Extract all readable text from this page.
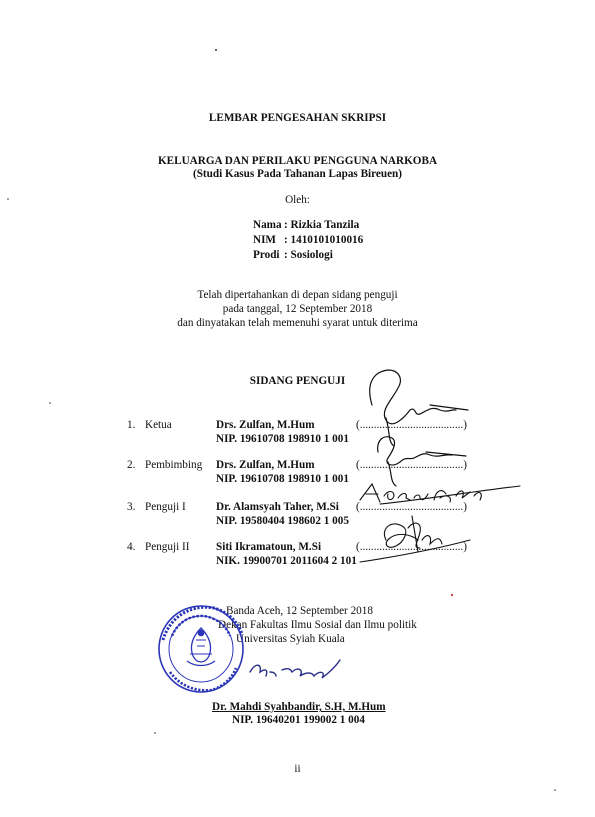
LEMBAR PENGESAHAN SKRIPSI
KELUARGA DAN PERILAKU PENGGUNA NARKOBA
(Studi Kasus Pada Tahanan Lapas Bireuen)
Oleh:
Nama : Rizkia Tanzila
NIM : 1410101010016
Prodi : Sosiologi
Telah dipertahankan di depan sidang penguji
pada tanggal, 12 September 2018
dan dinyatakan telah memenuhi syarat untuk diterima
SIDANG PENGUJI
1. Ketua	Drs. Zulfan, M.Hum
NIP. 19610708 198910 1 001
(.....................................)
2. Pembimbing Drs. Zulfan, M.Hum
NIP. 19610708 198910 1 001
(.....................................)
3. Penguji I	Dr. Alamsyah Taher, M.Si
NIP. 19580404 198602 1 005
(.....................................)
4. Penguji II Siti Ikramatoun, M.Si
NIK. 19900701 2011604 2 101
(.....................................)
Banda Aceh, 12 September 2018
Dekan Fakultas Ilmu Sosial dan Ilmu politik
Universitas Syiah Kuala
Dr. Mahdi Syahbandir, S.H, M.Hum
NIP. 19640201 199002 1 004
ii
